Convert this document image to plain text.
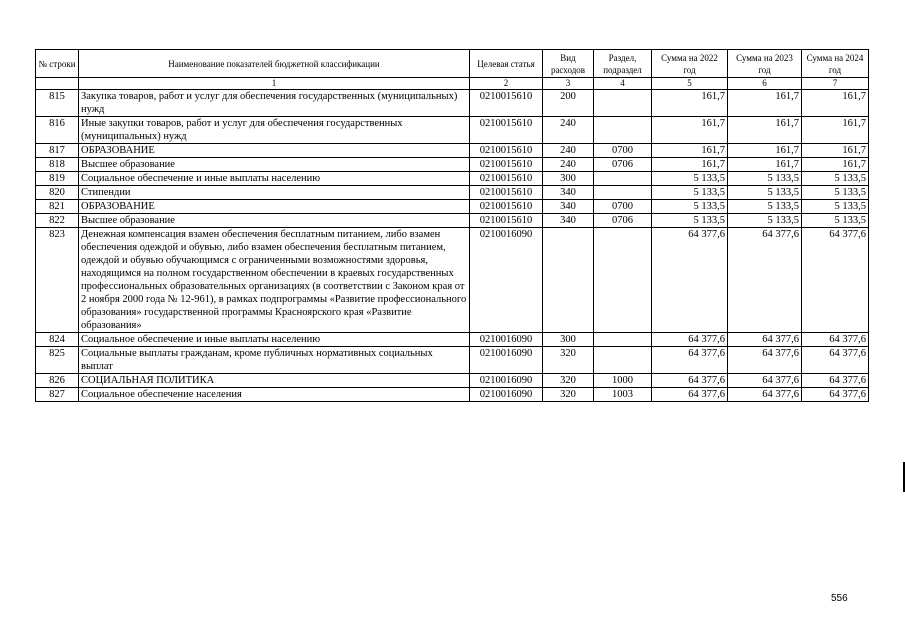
№ строки	Наименование показателей бюджетной классификации	Целевая статья	Вид расходов	Раздел, подраздел	Сумма на 2022 год	Сумма на 2023 год	Сумма на 2024 год
	1	2	3	4	5	6	7
815	Закупка товаров, работ и услуг для обеспечения государственных (муниципальных) нужд	0210015610	200		161,7	161,7	161,7
816	Иные закупки товаров, работ и услуг для обеспечения государственных (муниципальных) нужд	0210015610	240		161,7	161,7	161,7
817	ОБРАЗОВАНИЕ	0210015610	240	0700	161,7	161,7	161,7
818	Высшее образование	0210015610	240	0706	161,7	161,7	161,7
819	Социальное обеспечение и иные выплаты населению	0210015610	300		5 133,5	5 133,5	5 133,5
820	Стипендии	0210015610	340		5 133,5	5 133,5	5 133,5
821	ОБРАЗОВАНИЕ	0210015610	340	0700	5 133,5	5 133,5	5 133,5
822	Высшее образование	0210015610	340	0706	5 133,5	5 133,5	5 133,5
823	Денежная компенсация взамен обеспечения бесплатным питанием, либо взамен обеспечения одеждой и обувью, либо взамен обеспечения бесплатным питанием, одеждой и обувью обучающимся с ограниченными возможностями здоровья, находящимся на полном государственном обеспечении в краевых государственных профессиональных образовательных организациях (в соответствии с Законом края от 2 ноября 2000 года № 12-961), в рамках подпрограммы «Развитие профессионального образования» государственной программы Красноярского края «Развитие образования»	0210016090			64 377,6	64 377,6	64 377,6
824	Социальное обеспечение и иные выплаты населению	0210016090	300		64 377,6	64 377,6	64 377,6
825	Социальные выплаты гражданам, кроме публичных нормативных социальных выплат	0210016090	320		64 377,6	64 377,6	64 377,6
826	СОЦИАЛЬНАЯ ПОЛИТИКА	0210016090	320	1000	64 377,6	64 377,6	64 377,6
827	Социальное обеспечение населения	0210016090	320	1003	64 377,6	64 377,6	64 377,6
556
